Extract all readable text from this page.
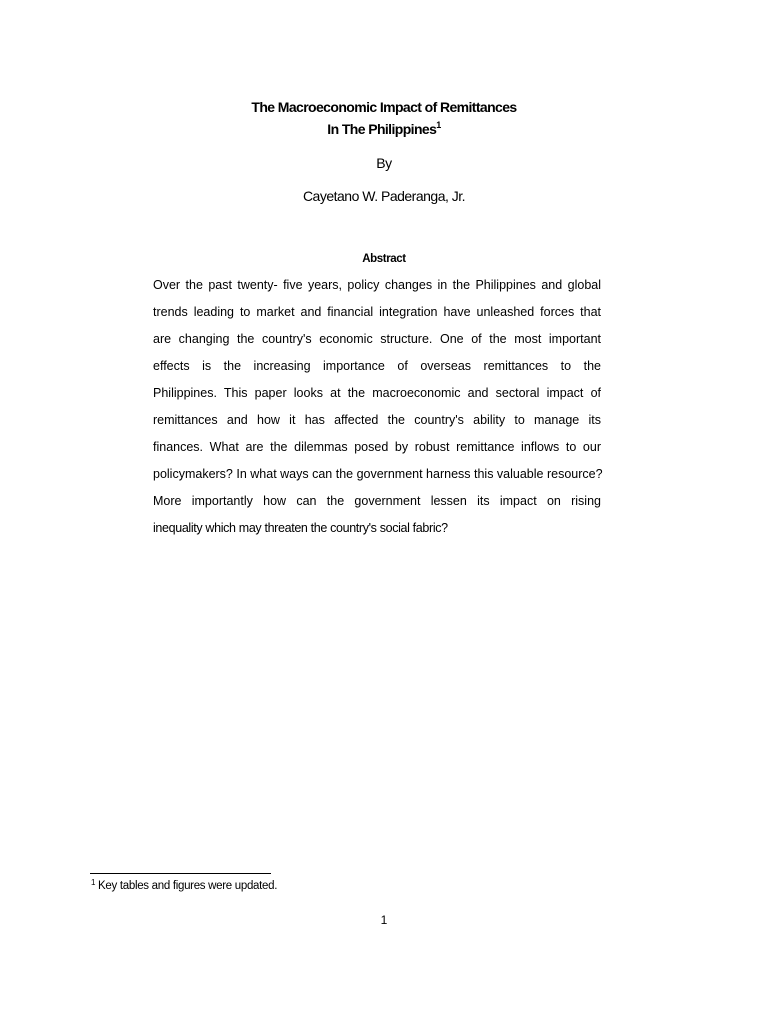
The Macroeconomic Impact of Remittances
In The Philippines$^1$
By
Cayetano W. Paderanga, Jr.
Abstract
Over the past twenty- five years, policy changes in the Philippines and global
trends leading to market and financial integration have unleashed forces that
are changing the country's economic structure. One of the most important
effects is the increasing importance of overseas remittances to the
Philippines. This paper looks at the macroeconomic and sectoral impact of
remittances and how it has affected the country's ability to manage its
finances. What are the dilemmas posed by robust remittance inflows to our
policymakers? In what ways can the government harness this valuable resource?
More importantly how can the government lessen its impact on rising
inequality which may threaten the country's social fabric?
$^1$ Key tables and figures were updated.
1
